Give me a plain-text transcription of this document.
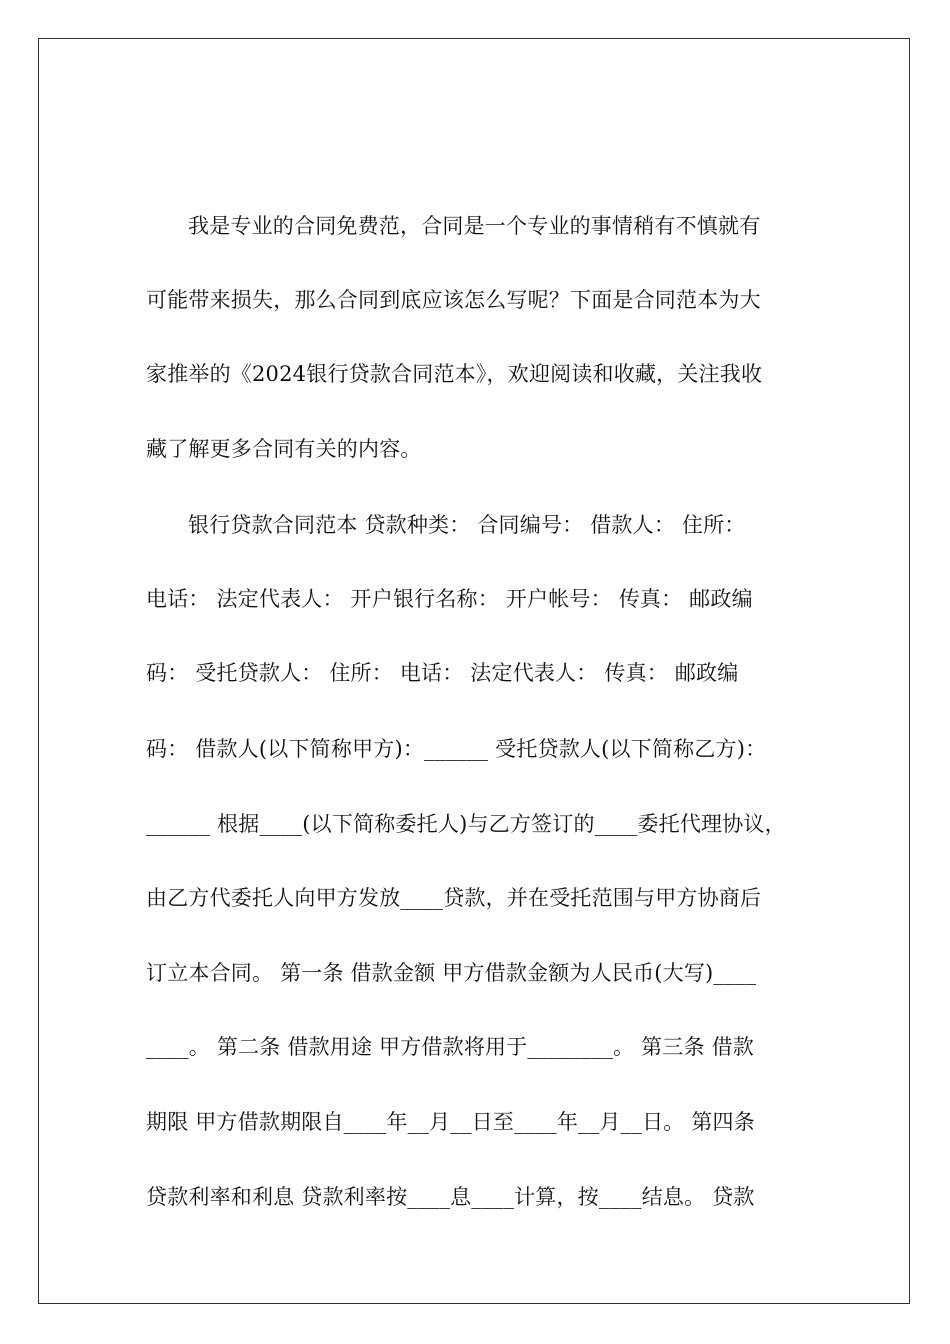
我是专业的合同免费范，合同是一个专业的事情稍有不慎就有
可能带来损失，那么合同到底应该怎么写呢？下面是合同范本为大
家推举的《2024银行贷款合同范本》，欢迎阅读和收藏，关注我收
藏了解更多合同有关的内容。
银行贷款合同范本 贷款种类： 合同编号： 借款人： 住所：
电话： 法定代表人： 开户银行名称： 开户帐号： 传真： 邮政编
码： 受托贷款人： 住所： 电话： 法定代表人： 传真： 邮政编
码： 借款人(以下简称甲方)：______ 受托贷款人(以下简称乙方)：
______ 根据____(以下简称委托人)与乙方签订的____委托代理协议，
由乙方代委托人向甲方发放____贷款，并在受托范围与甲方协商后
订立本合同。 第一条 借款金额 甲方借款金额为人民币(大写)____
____。 第二条 借款用途 甲方借款将用于________。 第三条 借款
期限 甲方借款期限自____年__月__日至____年__月__日。 第四条
贷款利率和利息 贷款利率按____息____计算，按____结息。 贷款
